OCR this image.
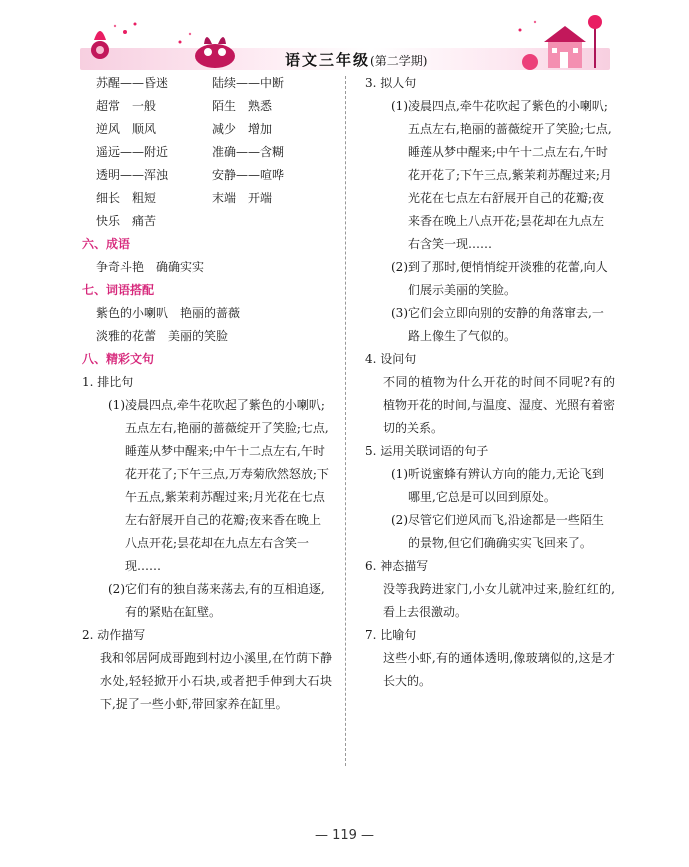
语文三年级(第二学期)
苏醒——昏迷	陆续——中断
超常　一般	陌生　熟悉
逆风　顺风	减少　增加
遥远——附近	准确——含糊
透明——浑浊	安静——喧哗
细长　粗短	末端　开端
快乐　痛苦
六、成语
争奇斗艳　确确实实
七、词语搭配
紫色的小喇叭　艳丽的蔷薇
淡雅的花蕾　美丽的笑脸
八、精彩文句
1. 排比句
(1) 凌晨四点,牵牛花吹起了紫色的小喇叭;五点左右,艳丽的蔷薇绽开了笑脸;七点,睡莲从梦中醒来;中午十二点左右,午时花开花了;下午三点,万寿菊欣然怒放;下午五点,紫茉莉苏醒过来;月光花在七点左右舒展开自己的花瓣;夜来香在晚上八点开花;昙花却在九点左右含笑一现……
(2) 它们有的独自荡来荡去,有的互相追逐,有的紧贴在缸壁。
2. 动作描写
我和邻居阿成哥跑到村边小溪里,在竹荫下静水处,轻轻掀开小石块,或者把手伸到大石块下,捉了一些小虾,带回家养在缸里。
3. 拟人句
(1) 凌晨四点,牵牛花吹起了紫色的小喇叭;五点左右,艳丽的蔷薇绽开了笑脸;七点,睡莲从梦中醒来;中午十二点左右,午时花开花了;下午三点,紫茉莉苏醒过来;月光花在七点左右舒展开自己的花瓣;夜来香在晚上八点开花;昙花却在九点左右含笑一现……
(2) 到了那时,便悄悄绽开淡雅的花蕾,向人们展示美丽的笑脸。
(3) 它们会立即向别的安静的角落窜去,一路上像生了气似的。
4. 设问句
不同的植物为什么开花的时间不同呢?有的植物开花的时间,与温度、湿度、光照有着密切的关系。
5. 运用关联词语的句子
(1) 听说蜜蜂有辨认方向的能力,无论飞到哪里,它总是可以回到原处。
(2) 尽管它们逆风而飞,沿途都是一些陌生的景物,但它们确确实实飞回来了。
6. 神态描写
没等我跨进家门,小女儿就冲过来,脸红红的,看上去很激动。
7. 比喻句
这些小虾,有的通体透明,像玻璃似的,这是才长大的。
— 119 —
